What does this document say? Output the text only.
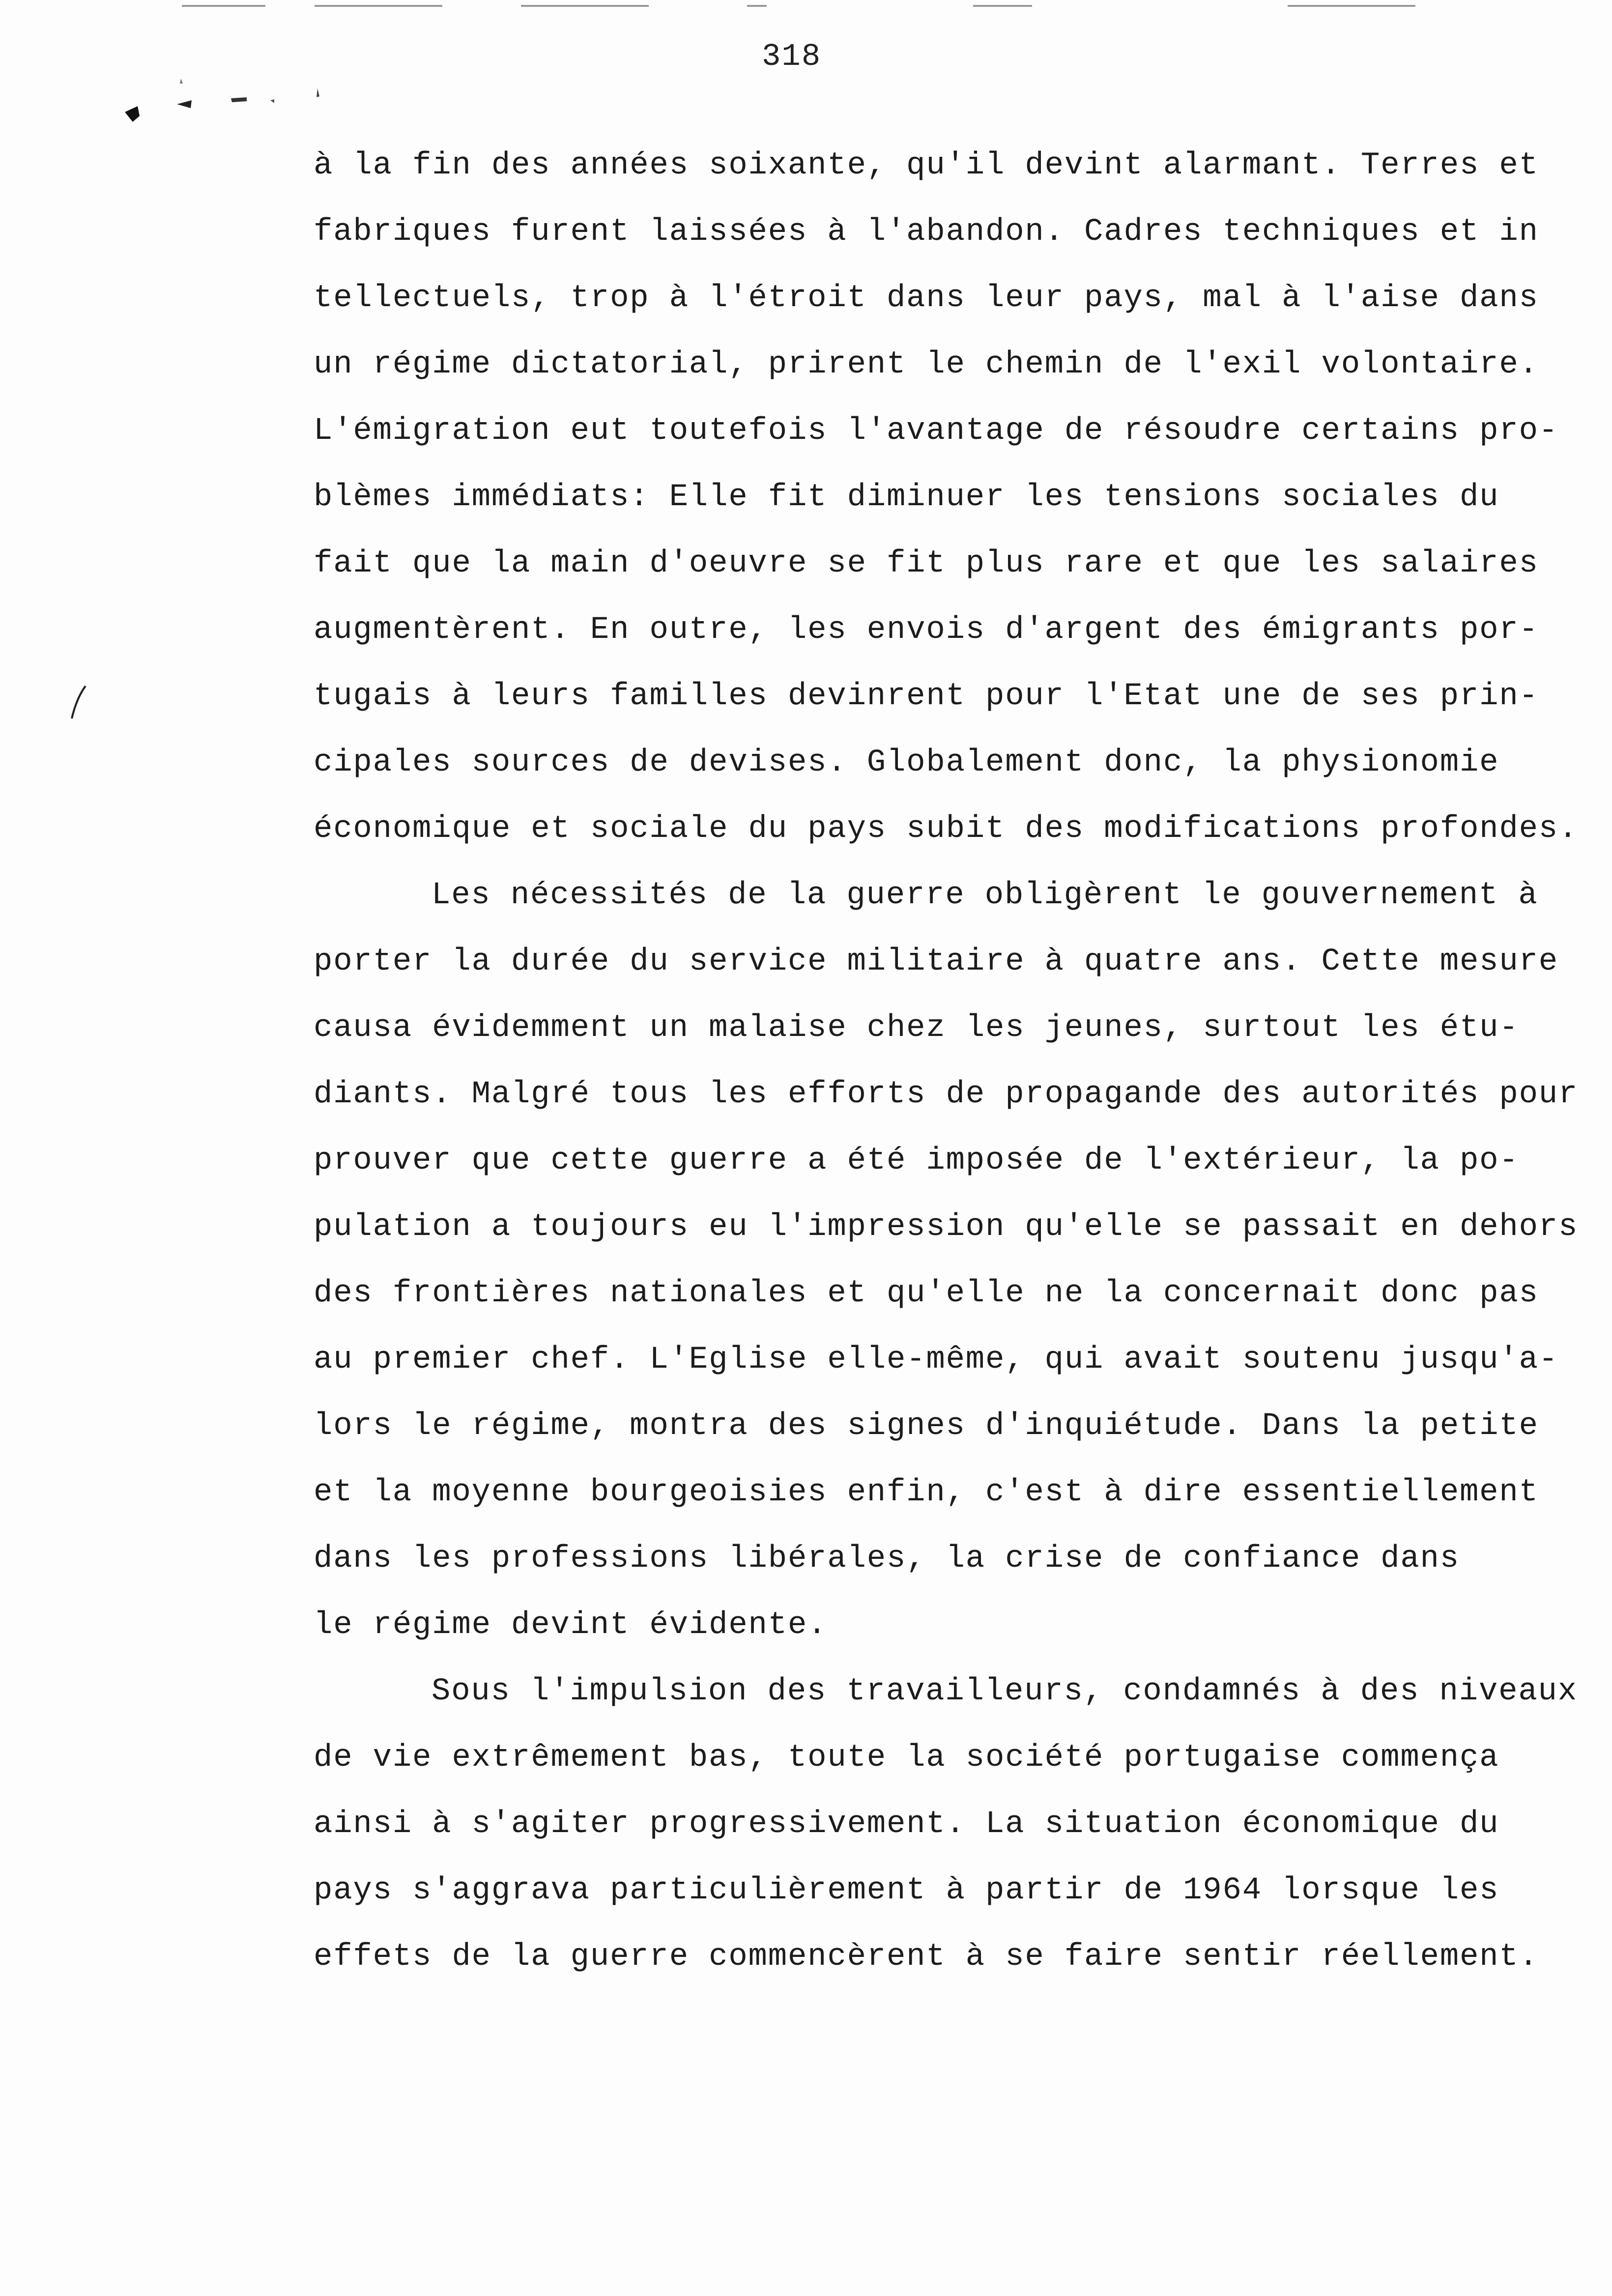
318
à la fin des années soixante, qu'il devint alarmant. Terres et
fabriques furent laissées à l'abandon. Cadres techniques et in
tellectuels, trop à l'étroit dans leur pays, mal à l'aise dans
un régime dictatorial, prirent le chemin de l'exil volontaire.
L'émigration eut toutefois l'avantage de résoudre certains pro-
blèmes immédiats: Elle fit diminuer les tensions sociales du
fait que la main d'oeuvre se fit plus rare et que les salaires
augmentèrent. En outre, les envois d'argent des émigrants por-
tugais à leurs familles devinrent pour l'Etat une de ses prin-
cipales sources de devises. Globalement donc, la physionomie
économique et sociale du pays subit des modifications profondes.
Les nécessités de la guerre obligèrent le gouvernement à
porter la durée du service militaire à quatre ans. Cette mesure
causa évidemment un malaise chez les jeunes, surtout les étu-
diants. Malgré tous les efforts de propagande des autorités pour
prouver que cette guerre a été imposée de l'extérieur, la po-
pulation a toujours eu l'impression qu'elle se passait en dehors
des frontières nationales et qu'elle ne la concernait donc pas
au premier chef. L'Eglise elle-même, qui avait soutenu jusqu'a-
lors le régime, montra des signes d'inquiétude. Dans la petite
et la moyenne bourgeoisies enfin, c'est à dire essentiellement
dans les professions libérales, la crise de confiance dans
le régime devint évidente.
Sous l'impulsion des travailleurs, condamnés à des niveaux
de vie extrêmement bas, toute la société portugaise commença
ainsi à s'agiter progressivement. La situation économique du
pays s'aggrava particulièrement à partir de 1964 lorsque les
effets de la guerre commencèrent à se faire sentir réellement.
